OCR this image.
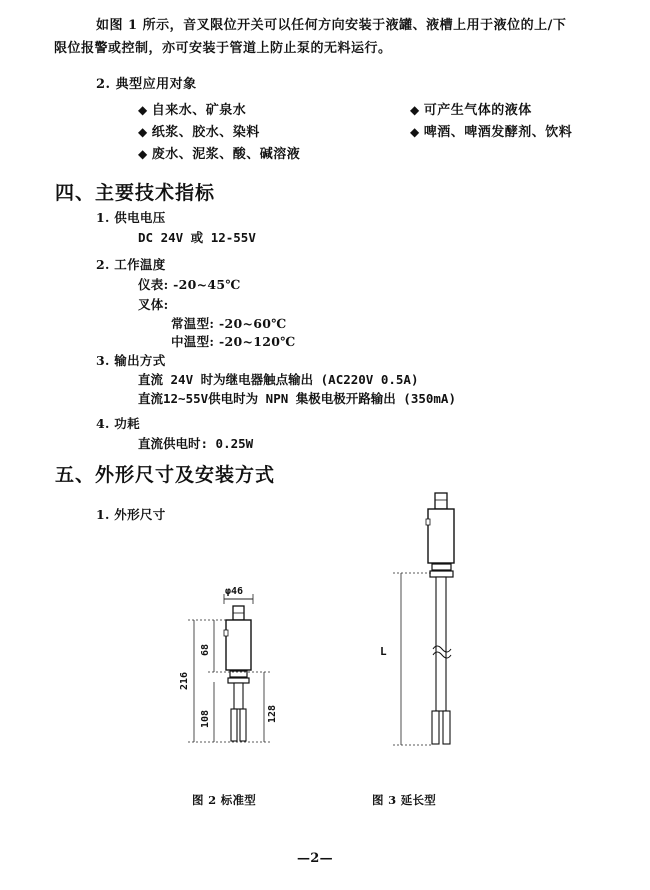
如图 1 所示，音叉限位开关可以任何方向安装于液罐、液槽上用于液位的上/下
限位报警或控制，亦可安装于管道上防止泵的无料运行。
2. 典型应用对象
◆ 自来水、矿泉水
◆ 纸浆、胶水、染料
◆ 废水、泥浆、酸、碱溶液
◆ 可产生气体的液体
◆ 啤酒、啤酒发酵剂、饮料
四、主要技术指标
1. 供电电压
DC 24V 或 12-55V
2. 工作温度
仪表: -20~45℃
叉体:
常温型: -20~60℃
中温型: -20~120℃
3. 输出方式
直流 24V 时为继电器触点输出 (AC220V 0.5A)
直流12~55V供电时为 NPN 集极电极开路输出 (350mA)
4. 功耗
直流供电时: 0.25W
五、外形尺寸及安装方式
1. 外形尺寸
φ46
216
68
108	128
L
图 2 标准型	图 3 延长型
—2—
